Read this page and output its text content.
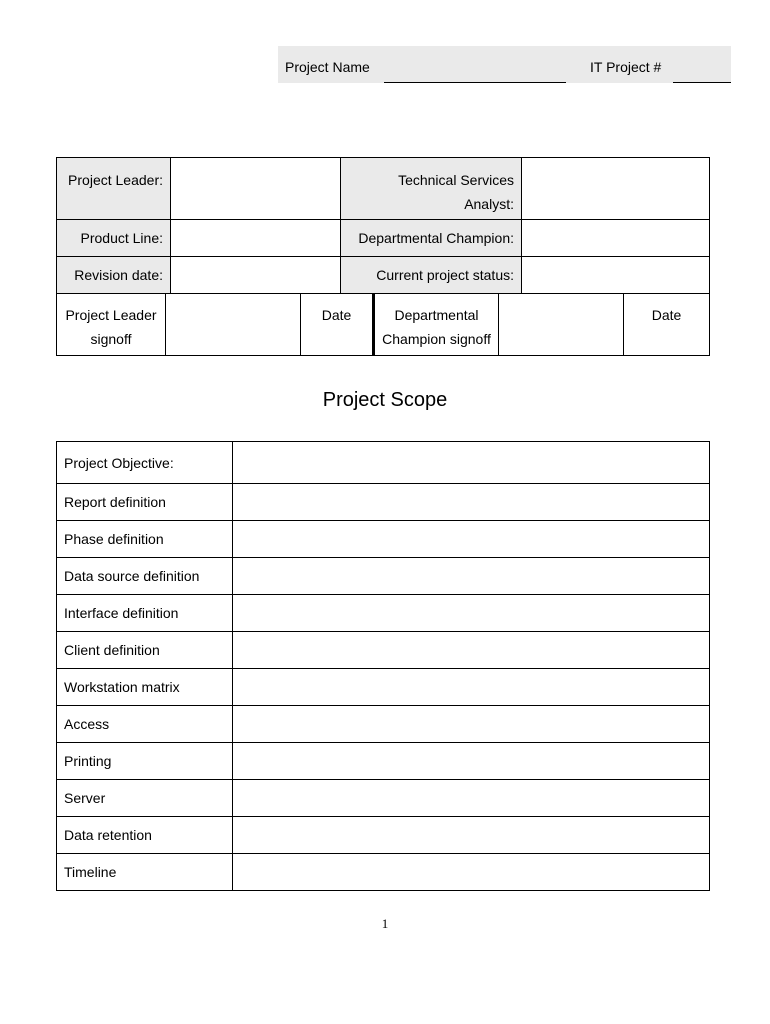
Project Name	IT Project #
Project Leader:		Technical Services
Analyst:	
Product Line:		Departmental Champion:	
Revision date:		Current project status:	
Project Leader
signoff		Date	Departmental
Champion signoff		Date
Project Scope
Project Objective:	
Report definition	
Phase definition	
Data source definition	
Interface definition	
Client definition	
Workstation matrix	
Access	
Printing	
Server	
Data retention	
Timeline	
1
